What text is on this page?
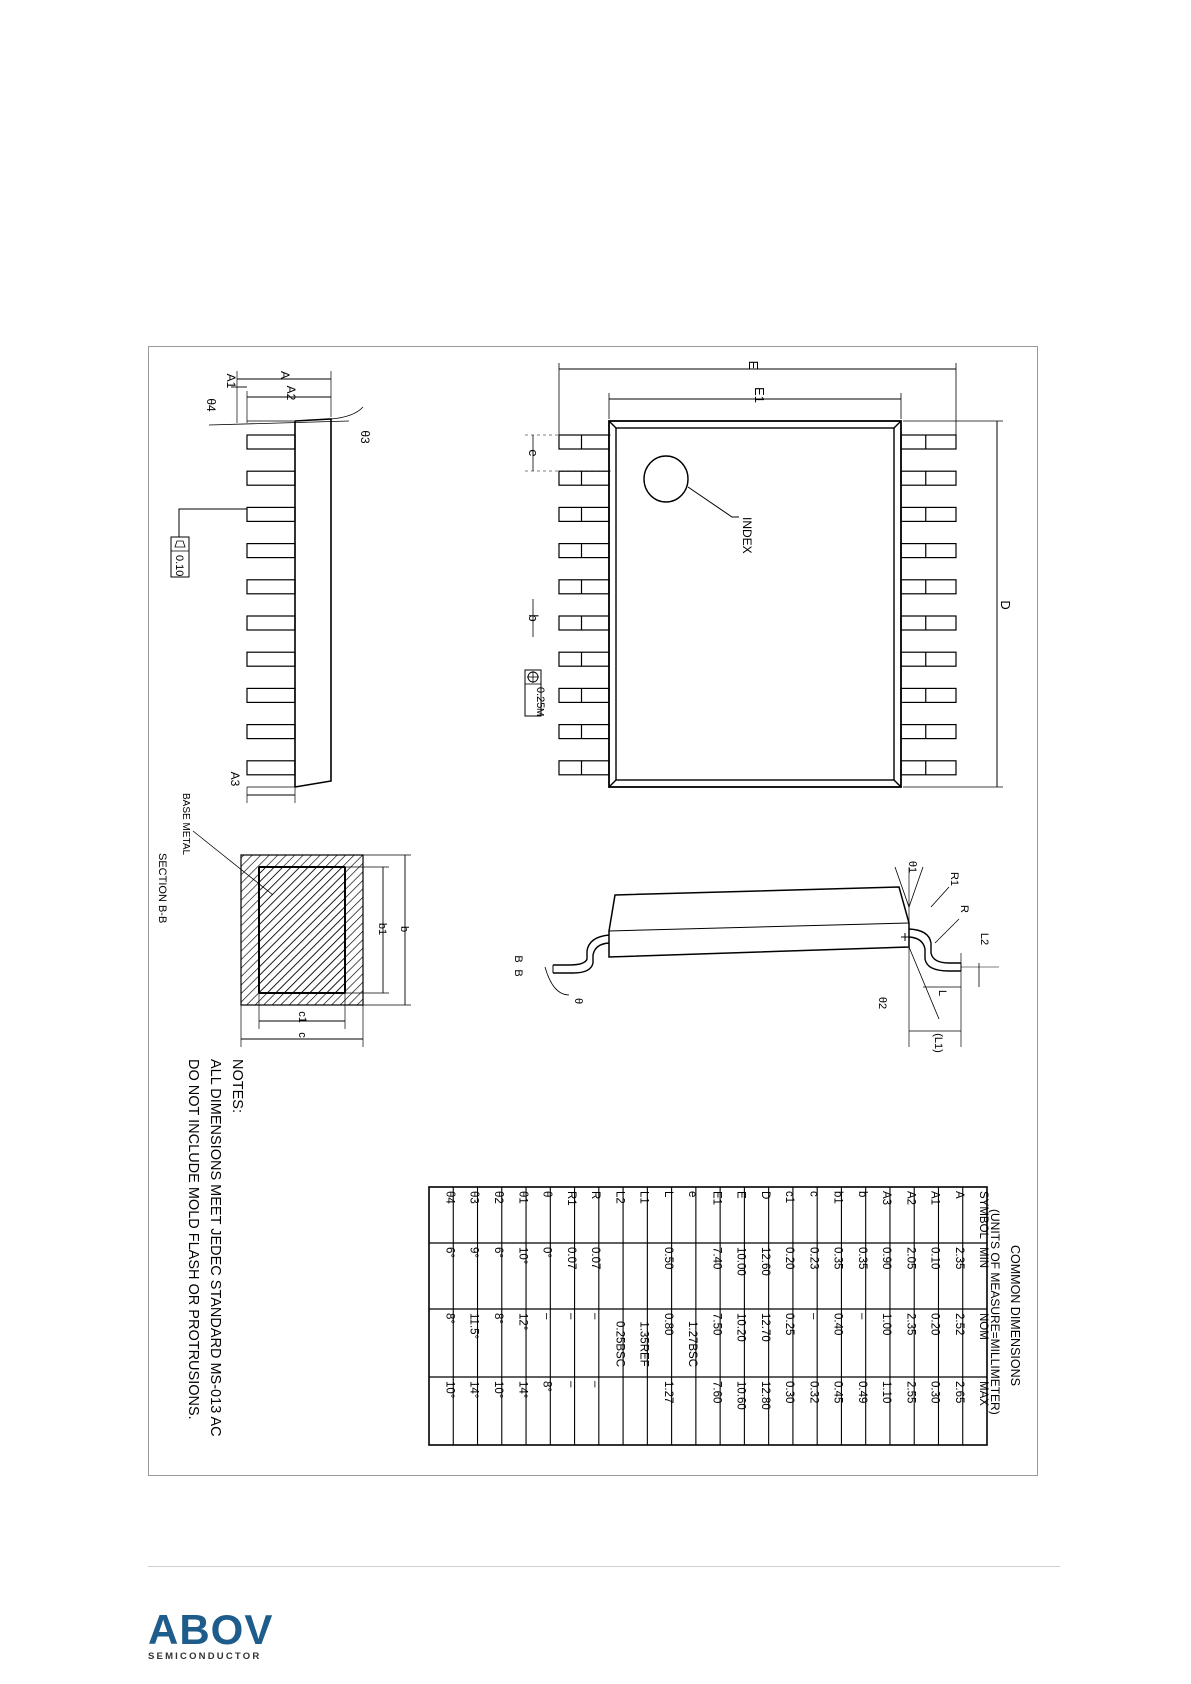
E
E1
D
INDEX
e
b
0.25
M
A
A2
A1
θ4
θ3
A3
0.10
θ1
R1
R
L2
L
(L1)
θ2
θ
B
B
BASE METAL
SECTION B-B
b
b1
c
c1
NOTES:
ALL DIMENSIONS MEET JEDEC STANDARD MS-013 AC
DO NOT INCLUDE MOLD FLASH OR PROTRUSIONS.	COMMON DIMENSIONS
(UNITS OF MEASURE=MILLIMETER)
SYMBOL
MIN
NOM
MAX
A
2.35
2.52
2.65
A1
0.10
0.20
0.30
A2
2.05
2.35
2.55
A3
0.90
1.00
1.10
b
0.35
–
0.49
b1
0.35
0.40
0.45
c
0.23
–
0.32
c1
0.20
0.25
0.30
D
12.60
12.70
12.80
E
10.00
10.20
10.60
E1
7.40
7.50
7.60
e
1.27BSC
L
0.50
0.80
1.27
L1
1.35REF
L2
0.25BSC
R
0.07
–
–
R1
0.07
–
–
θ
0°
–
8°
θ1
10°
12°
14°
θ2
6°
8°
10°
θ3
9°
11.5°
14°
θ4
6°
8°
10°
ABOV
SEMICONDUCTOR
